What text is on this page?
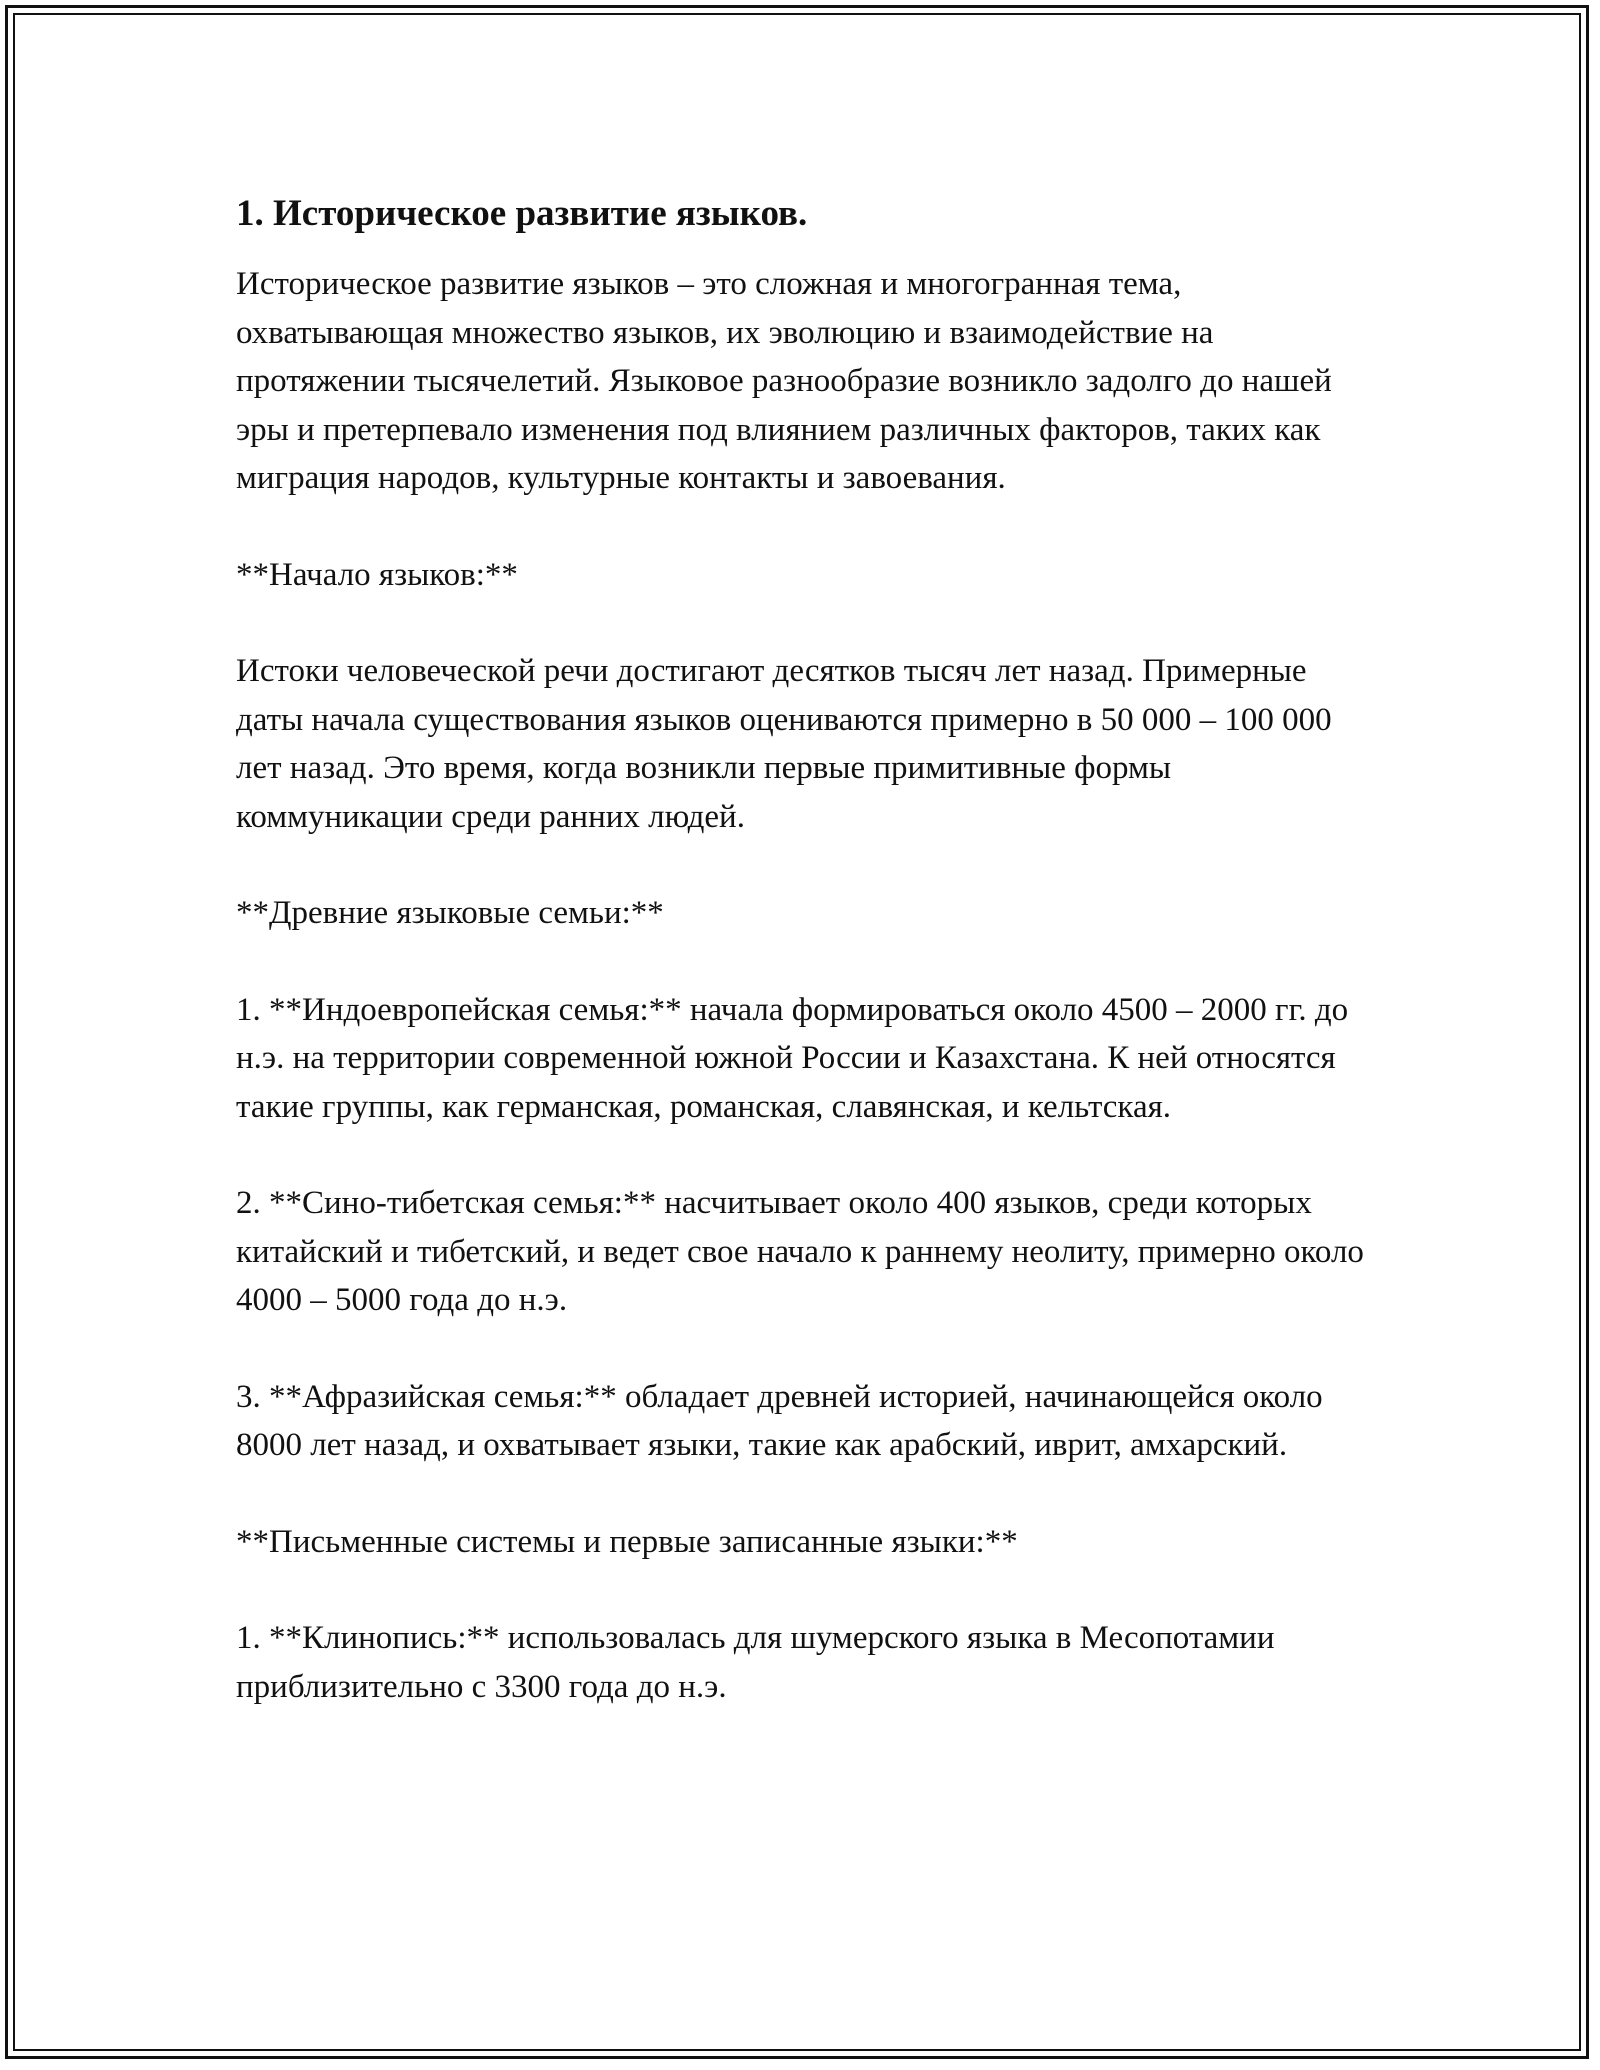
1. Историческое развитие языков.

Историческое развитие языков – это сложная и многогранная тема, охватывающая множество языков, их эволюцию и взаимодействие на протяжении тысячелетий. Языковое разнообразие возникло задолго до нашей эры и претерпевало изменения под влиянием различных факторов, таких как миграция народов, культурные контакты и завоевания.

**Начало языков:**

Истоки человеческой речи достигают десятков тысяч лет назад. Примерные даты начала существования языков оцениваются примерно в 50 000 – 100 000 лет назад. Это время, когда возникли первые примитивные формы коммуникации среди ранних людей.

**Древние языковые семьи:**

1. **Индоевропейская семья:** начала формироваться около 4500 – 2000 гг. до н.э. на территории современной южной России и Казахстана. К ней относятся такие группы, как германская, романская, славянская, и кельтская.

2. **Сино-тибетская семья:** насчитывает около 400 языков, среди которых китайский и тибетский, и ведет свое начало к раннему неолиту, примерно около 4000 – 5000 года до н.э.

3. **Афразийская семья:** обладает древней историей, начинающейся около 8000 лет назад, и охватывает языки, такие как арабский, иврит, амхарский.

**Письменные системы и первые записанные языки:**

1. **Клинопись:** использовалась для шумерского языка в Месопотамии приблизительно с 3300 года до н.э.
